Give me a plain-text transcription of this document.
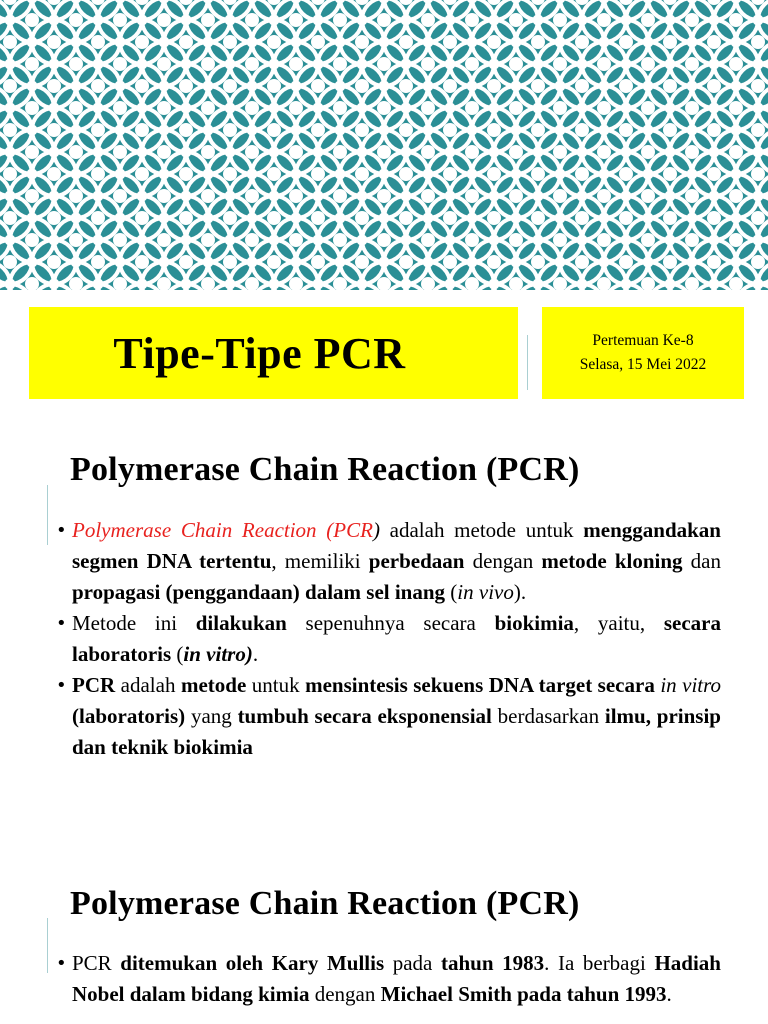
Tipe-Tipe PCR	Pertemuan Ke-8
Selasa, 15 Mei 2022
Polymerase Chain Reaction (PCR)
• Polymerase Chain Reaction (PCR) adalah metode untuk menggandakan segmen DNA tertentu, memiliki perbedaan dengan metode kloning dan propagasi (penggandaan) dalam sel inang (in vivo).
• Metode ini dilakukan sepenuhnya secara biokimia, yaitu, secara laboratoris (in vitro).
• PCR adalah metode untuk mensintesis sekuens DNA target secara in vitro (laboratoris) yang tumbuh secara eksponensial berdasarkan ilmu, prinsip dan teknik biokimia
Polymerase Chain Reaction (PCR)
• PCR ditemukan oleh Kary Mullis pada tahun 1983. Ia berbagi Hadiah Nobel dalam bidang kimia dengan Michael Smith pada tahun 1993.
